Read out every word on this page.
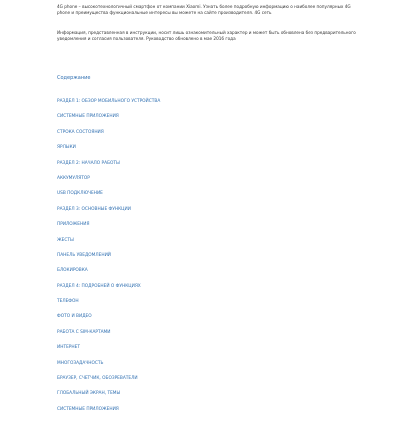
4G phone – высокотехнологичный смартфон от компании Xiaomi. Узнать более подробную информацию о наиболее популярных 4G phone и преимущества функциональные интересы вы можете на сайте производителя. 4G сеть

Информация, представленная в инструкции, носит лишь ознакомительный характер и может быть обновлена без предварительного уведомления и согласия пользователя. Руководство обновлено в мае 2016 года

Содержание
РАЗДЕЛ 1: ОБЗОР МОБИЛЬНОГО УСТРОЙСТВА
СИСТЕМНЫЕ ПРИЛОЖЕНИЯ
СТРОКА СОСТОЯНИЯ
ЯРЛЫКИ
РАЗДЕЛ 2: НАЧАЛО РАБОТЫ
АККУМУЛЯТОР
USB ПОДКЛЮЧЕНИЕ
РАЗДЕЛ 3: ОСНОВНЫЕ ФУНКЦИИ
ПРИЛОЖЕНИЯ
ЖЕСТЫ
ПАНЕЛЬ УВЕДОМЛЕНИЙ
БЛОКИРОВКА
РАЗДЕЛ 4: ПОДРОБНЕЙ О ФУНКЦИЯХ
ТЕЛЕФОН
ФОТО И ВИДЕО
РАБОТА С SIM-КАРТАМИ
ИНТЕРНЕТ
МНОГОЗАДАЧНОСТЬ
БРАУЗЕР, СЧЕТЧИК, ОБОЗРЕВАТЕЛИ
ГЛОБАЛЬНЫЙ ЭКРАН, ТЕМЫ
СИСТЕМНЫЕ ПРИЛОЖЕНИЯ
